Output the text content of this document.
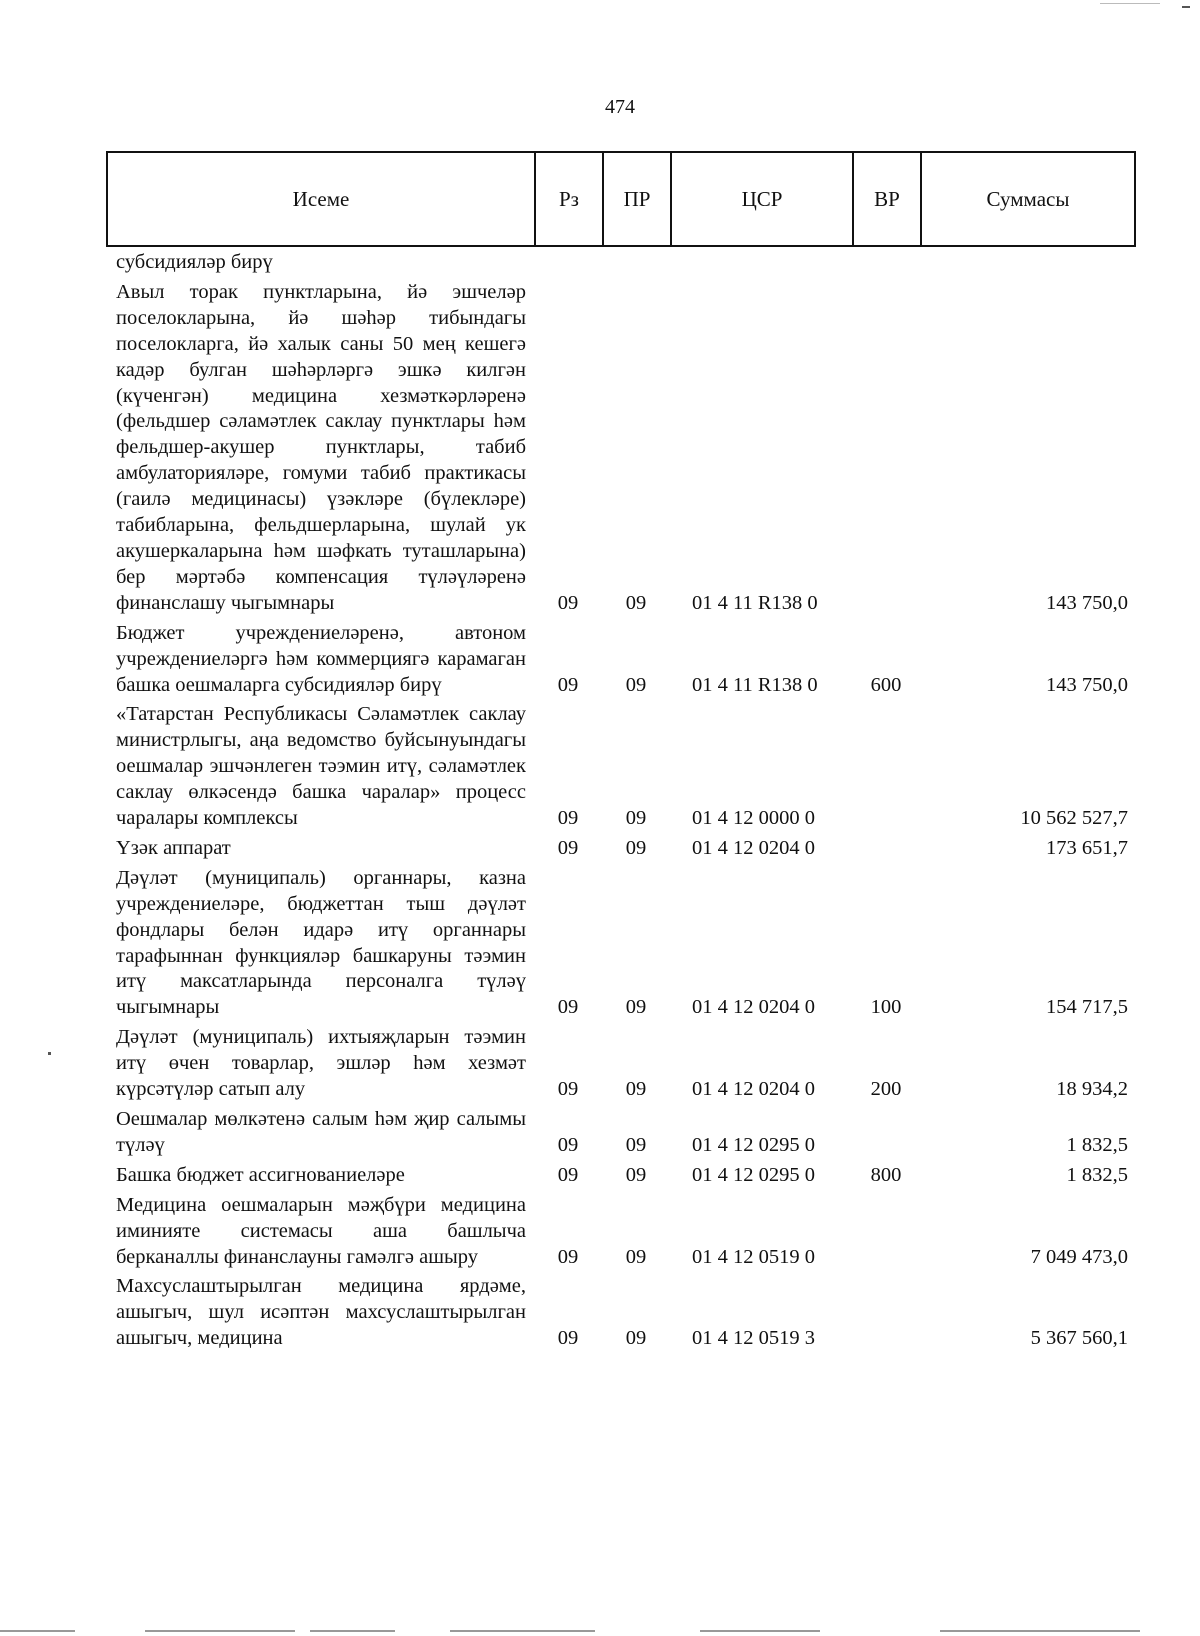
474
Исеме	Рз	ПР	ЦСР	ВР	Суммасы
субсидияләр бирү					
Авыл торак пунктларына, йә эшчеләр поселокларына, йә шәһәр тибындагы поселокларга, йә халык саны 50 мең кешегә кадәр булган шәһәрләргә эшкә килгән (күченгән) медицина хезмәткәрләренә (фельдшер сәламәтлек саклау пунктлары һәм фельдшер-акушер пунктлары, табиб амбулаторияләре, гомуми табиб практикасы (гаилә медицинасы) үзәкләре (бүлекләре) табибларына, фельдшерларына, шулай ук акушеркаларына һәм шәфкать туташларына) бер мәртәбә компенсация түләүләренә финанслашу чыгымнары	09	09	01 4 11 R138 0		143 750,0
Бюджет учреждениеләренә, автоном учреждениеләргә һәм коммерциягә карамаган башка оешмаларга субсидияләр бирү	09	09	01 4 11 R138 0	600	143 750,0
«Татарстан Республикасы Сәламәтлек саклау министрлыгы, аңа ведомство буйсынуындагы оешмалар эшчәнлеген тәэмин итү, сәламәтлек саклау өлкәсендә башка чаралар» процесс чаралары комплексы	09	09	01 4 12 0000 0		10 562 527,7
Үзәк аппарат	09	09	01 4 12 0204 0		173 651,7
Дәүләт (муниципаль) органнары, казна учреждениеләре, бюджеттан тыш дәүләт фондлары белән идарә итү органнары тарафыннан функцияләр башкаруны тәэмин итү максатларында персоналга түләү чыгымнары	09	09	01 4 12 0204 0	100	154 717,5
Дәүләт (муниципаль) ихтыяҗларын тәэмин итү өчен товарлар, эшләр һәм хезмәт күрсәтүләр сатып алу	09	09	01 4 12 0204 0	200	18 934,2
Оешмалар мөлкәтенә салым һәм җир салымы түләү	09	09	01 4 12 0295 0		1 832,5
Башка бюджет ассигнованиеләре	09	09	01 4 12 0295 0	800	1 832,5
Медицина оешмаларын мәҗбүри медицина иминияте системасы аша башлыча берканаллы финанслауны гамәлгә ашыру	09	09	01 4 12 0519 0		7 049 473,0
Махсуслаштырылган медицина ярдәме, ашыгыч, шул исәптән махсуслаштырылган ашыгыч, медицина	09	09	01 4 12 0519 3		5 367 560,1
